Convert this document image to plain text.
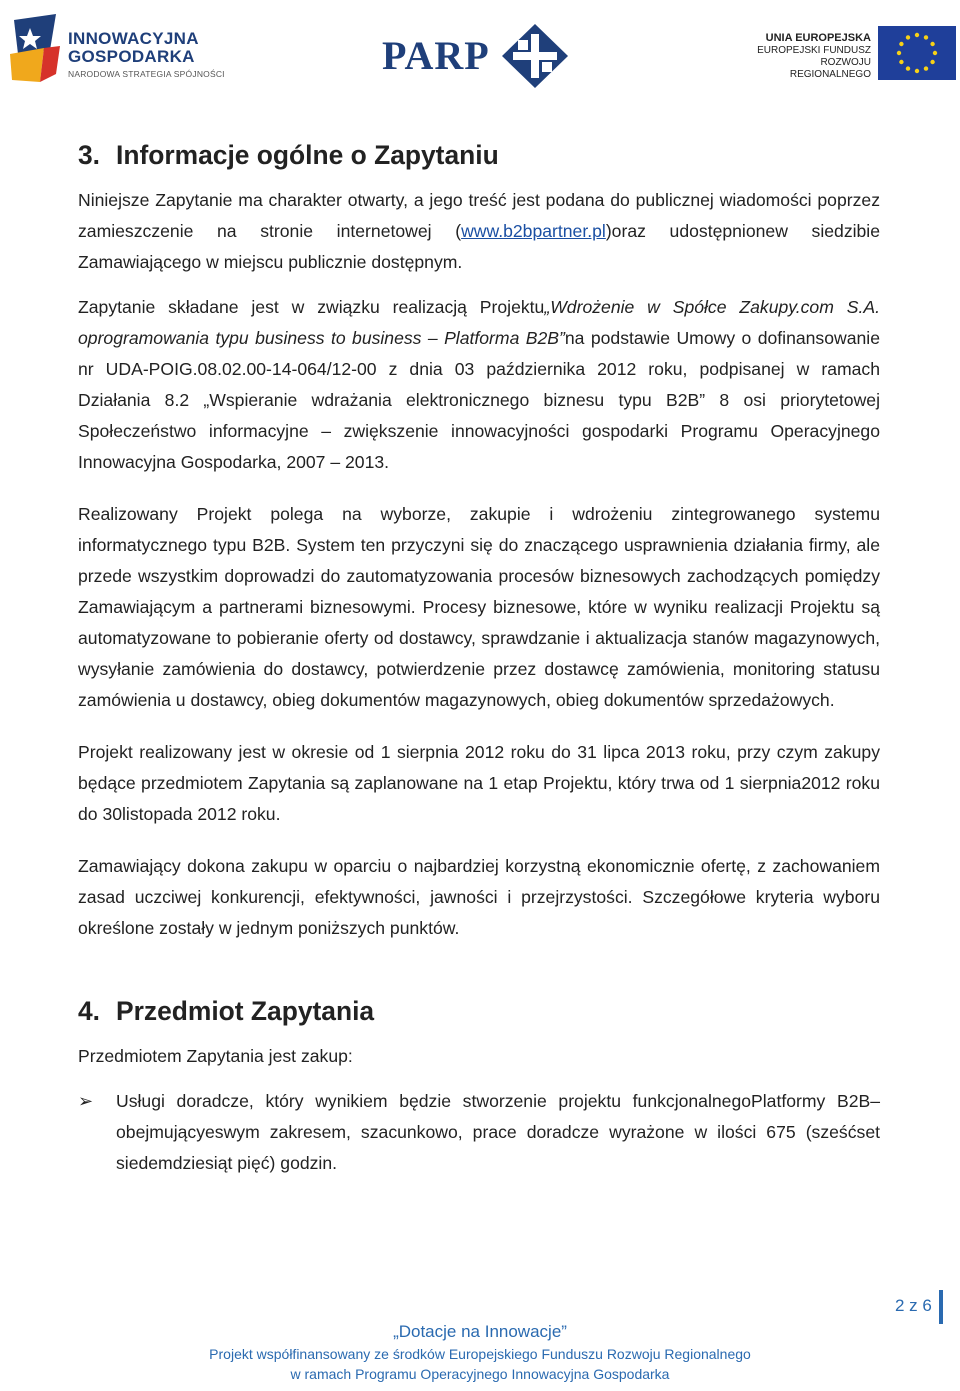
INNOWACYJNA
GOSPODARKA
NARODOWA STRATEGIA SPÓJNOŚCI	PARP	UNIA EUROPEJSKA
EUROPEJSKI FUNDUSZ
ROZWOJU REGIONALNEGO
3. Informacje ogólne o Zapytaniu

Niniejsze Zapytanie ma charakter otwarty, a jego treść jest podana do publicznej wiadomości poprzez zamieszczenie na stronie internetowej (www.b2bpartner.pl)oraz udostępnionew siedzibie Zamawiającego w miejscu publicznie dostępnym.

Zapytanie składane jest w związku realizacją Projektu„Wdrożenie w Spółce Zakupy.com S.A. oprogramowania typu business to business – Platforma B2B”na podstawie Umowy o dofinansowanie nr UDA-POIG.08.02.00-14-064/12-00 z dnia 03 października 2012 roku, podpisanej w ramach Działania 8.2 „Wspieranie wdrażania elektronicznego biznesu typu B2B” 8 osi priorytetowej Społeczeństwo informacyjne – zwiększenie innowacyjności gospodarki Programu Operacyjnego Innowacyjna Gospodarka, 2007 – 2013.

Realizowany Projekt polega na wyborze, zakupie i wdrożeniu zintegrowanego systemu informatycznego typu B2B. System ten przyczyni się do znaczącego usprawnienia działania firmy, ale przede wszystkim doprowadzi do zautomatyzowania procesów biznesowych zachodzących pomiędzy Zamawiającym a partnerami biznesowymi. Procesy biznesowe, które w wyniku realizacji Projektu są automatyzowane to pobieranie oferty od dostawcy, sprawdzanie i aktualizacja stanów magazynowych, wysyłanie zamówienia do dostawcy, potwierdzenie przez dostawcę zamówienia, monitoring statusu zamówienia u dostawcy, obieg dokumentów magazynowych, obieg dokumentów sprzedażowych.

Projekt realizowany jest w okresie od 1 sierpnia 2012 roku do 31 lipca 2013 roku, przy czym zakupy będące przedmiotem Zapytania są zaplanowane na 1 etap Projektu, który trwa od 1 sierpnia2012 roku do 30listopada 2012 roku.

Zamawiający dokona zakupu w oparciu o najbardziej korzystną ekonomicznie ofertę, z zachowaniem zasad uczciwej konkurencji, efektywności, jawności i przejrzystości. Szczegółowe kryteria wyboru określone zostały w jednym poniższych punktów.

4. Przedmiot Zapytania

Przedmiotem Zapytania jest zakup:

➢	Usługi doradcze, który wynikiem będzie stworzenie projektu funkcjonalnegoPlatformy B2B– obejmującyeswym zakresem, szacunkowo, prace doradcze wyrażone w ilości 675 (sześćset siedemdziesiąt pięć) godzin.

2 z 6
„Dotacje na Innowacje”
Projekt współfinansowany ze środków Europejskiego Funduszu Rozwoju Regionalnego
w ramach Programu Operacyjnego Innowacyjna Gospodarka
